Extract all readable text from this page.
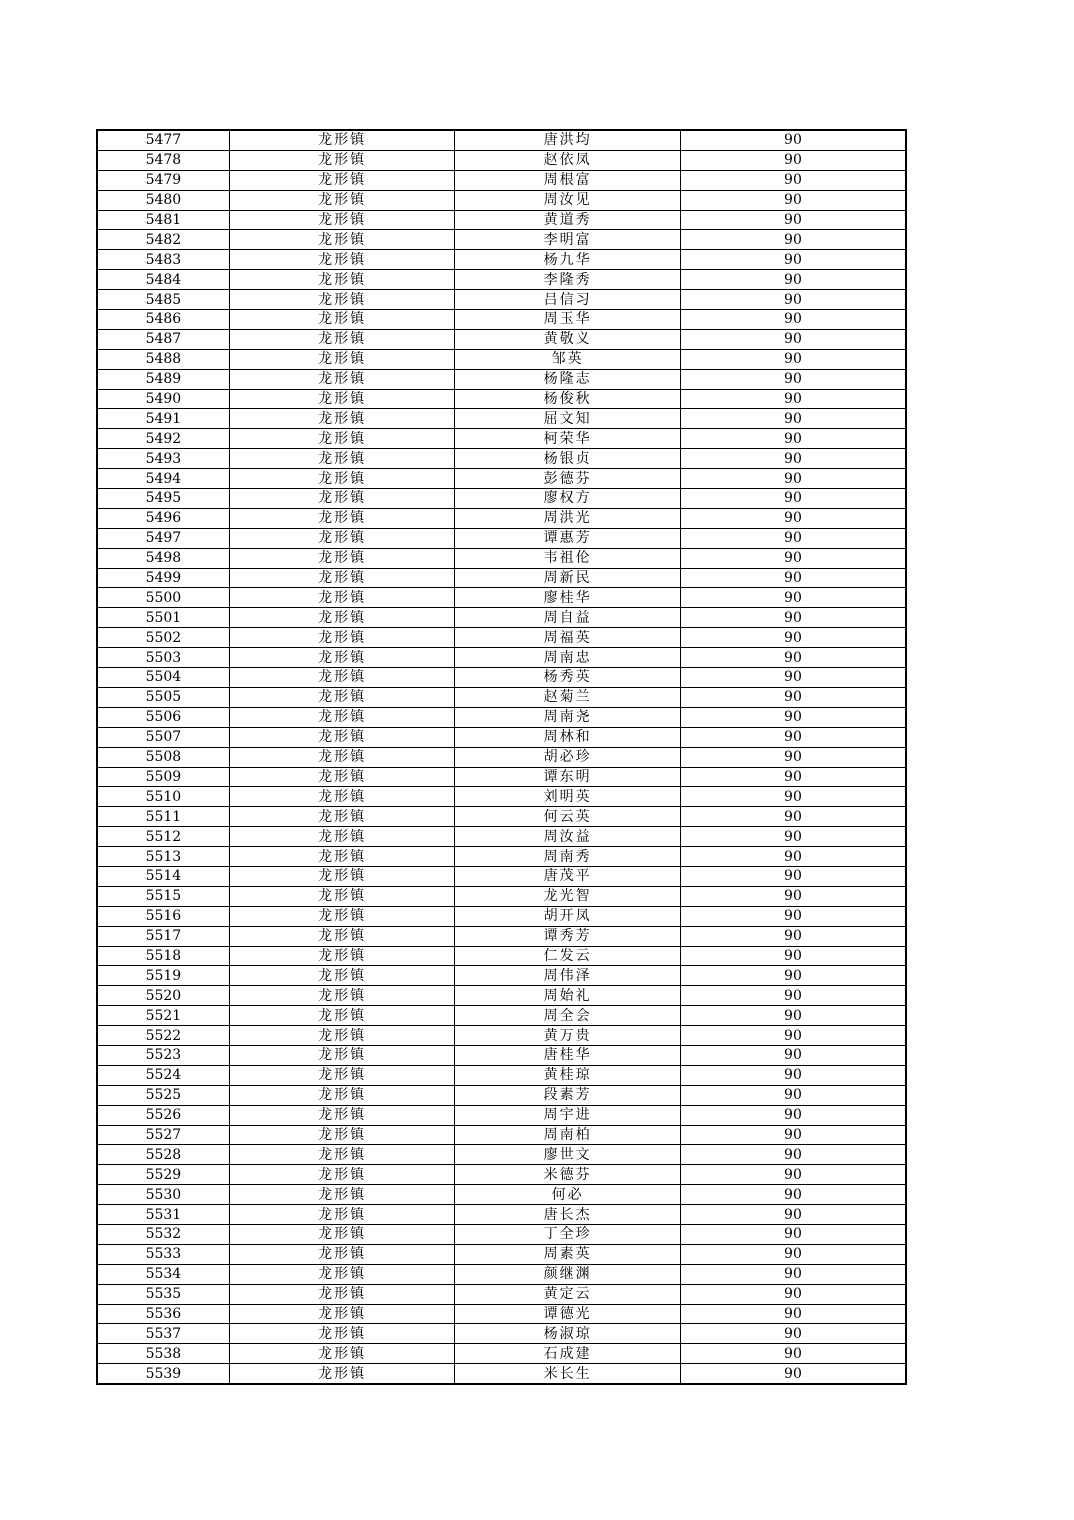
5477	龙形镇	唐洪均	90
5478	龙形镇	赵依凤	90
5479	龙形镇	周根富	90
5480	龙形镇	周汝见	90
5481	龙形镇	黄道秀	90
5482	龙形镇	李明富	90
5483	龙形镇	杨九华	90
5484	龙形镇	李隆秀	90
5485	龙形镇	吕信习	90
5486	龙形镇	周玉华	90
5487	龙形镇	黄敬义	90
5488	龙形镇	邹英	90
5489	龙形镇	杨隆志	90
5490	龙形镇	杨俊秋	90
5491	龙形镇	屈文知	90
5492	龙形镇	柯荣华	90
5493	龙形镇	杨银贞	90
5494	龙形镇	彭德芬	90
5495	龙形镇	廖权方	90
5496	龙形镇	周洪光	90
5497	龙形镇	谭惠芳	90
5498	龙形镇	韦祖伦	90
5499	龙形镇	周新民	90
5500	龙形镇	廖桂华	90
5501	龙形镇	周自益	90
5502	龙形镇	周福英	90
5503	龙形镇	周南忠	90
5504	龙形镇	杨秀英	90
5505	龙形镇	赵菊兰	90
5506	龙形镇	周南尧	90
5507	龙形镇	周林和	90
5508	龙形镇	胡必珍	90
5509	龙形镇	谭东明	90
5510	龙形镇	刘明英	90
5511	龙形镇	何云英	90
5512	龙形镇	周汝益	90
5513	龙形镇	周南秀	90
5514	龙形镇	唐茂平	90
5515	龙形镇	龙光智	90
5516	龙形镇	胡开凤	90
5517	龙形镇	谭秀芳	90
5518	龙形镇	仁发云	90
5519	龙形镇	周伟泽	90
5520	龙形镇	周始礼	90
5521	龙形镇	周全会	90
5522	龙形镇	黄万贵	90
5523	龙形镇	唐桂华	90
5524	龙形镇	黄桂琼	90
5525	龙形镇	段素芳	90
5526	龙形镇	周宇进	90
5527	龙形镇	周南柏	90
5528	龙形镇	廖世文	90
5529	龙形镇	米德芬	90
5530	龙形镇	何必	90
5531	龙形镇	唐长杰	90
5532	龙形镇	丁全珍	90
5533	龙形镇	周素英	90
5534	龙形镇	颜继渊	90
5535	龙形镇	黄定云	90
5536	龙形镇	谭德光	90
5537	龙形镇	杨淑琼	90
5538	龙形镇	石成建	90
5539	龙形镇	米长生	90
